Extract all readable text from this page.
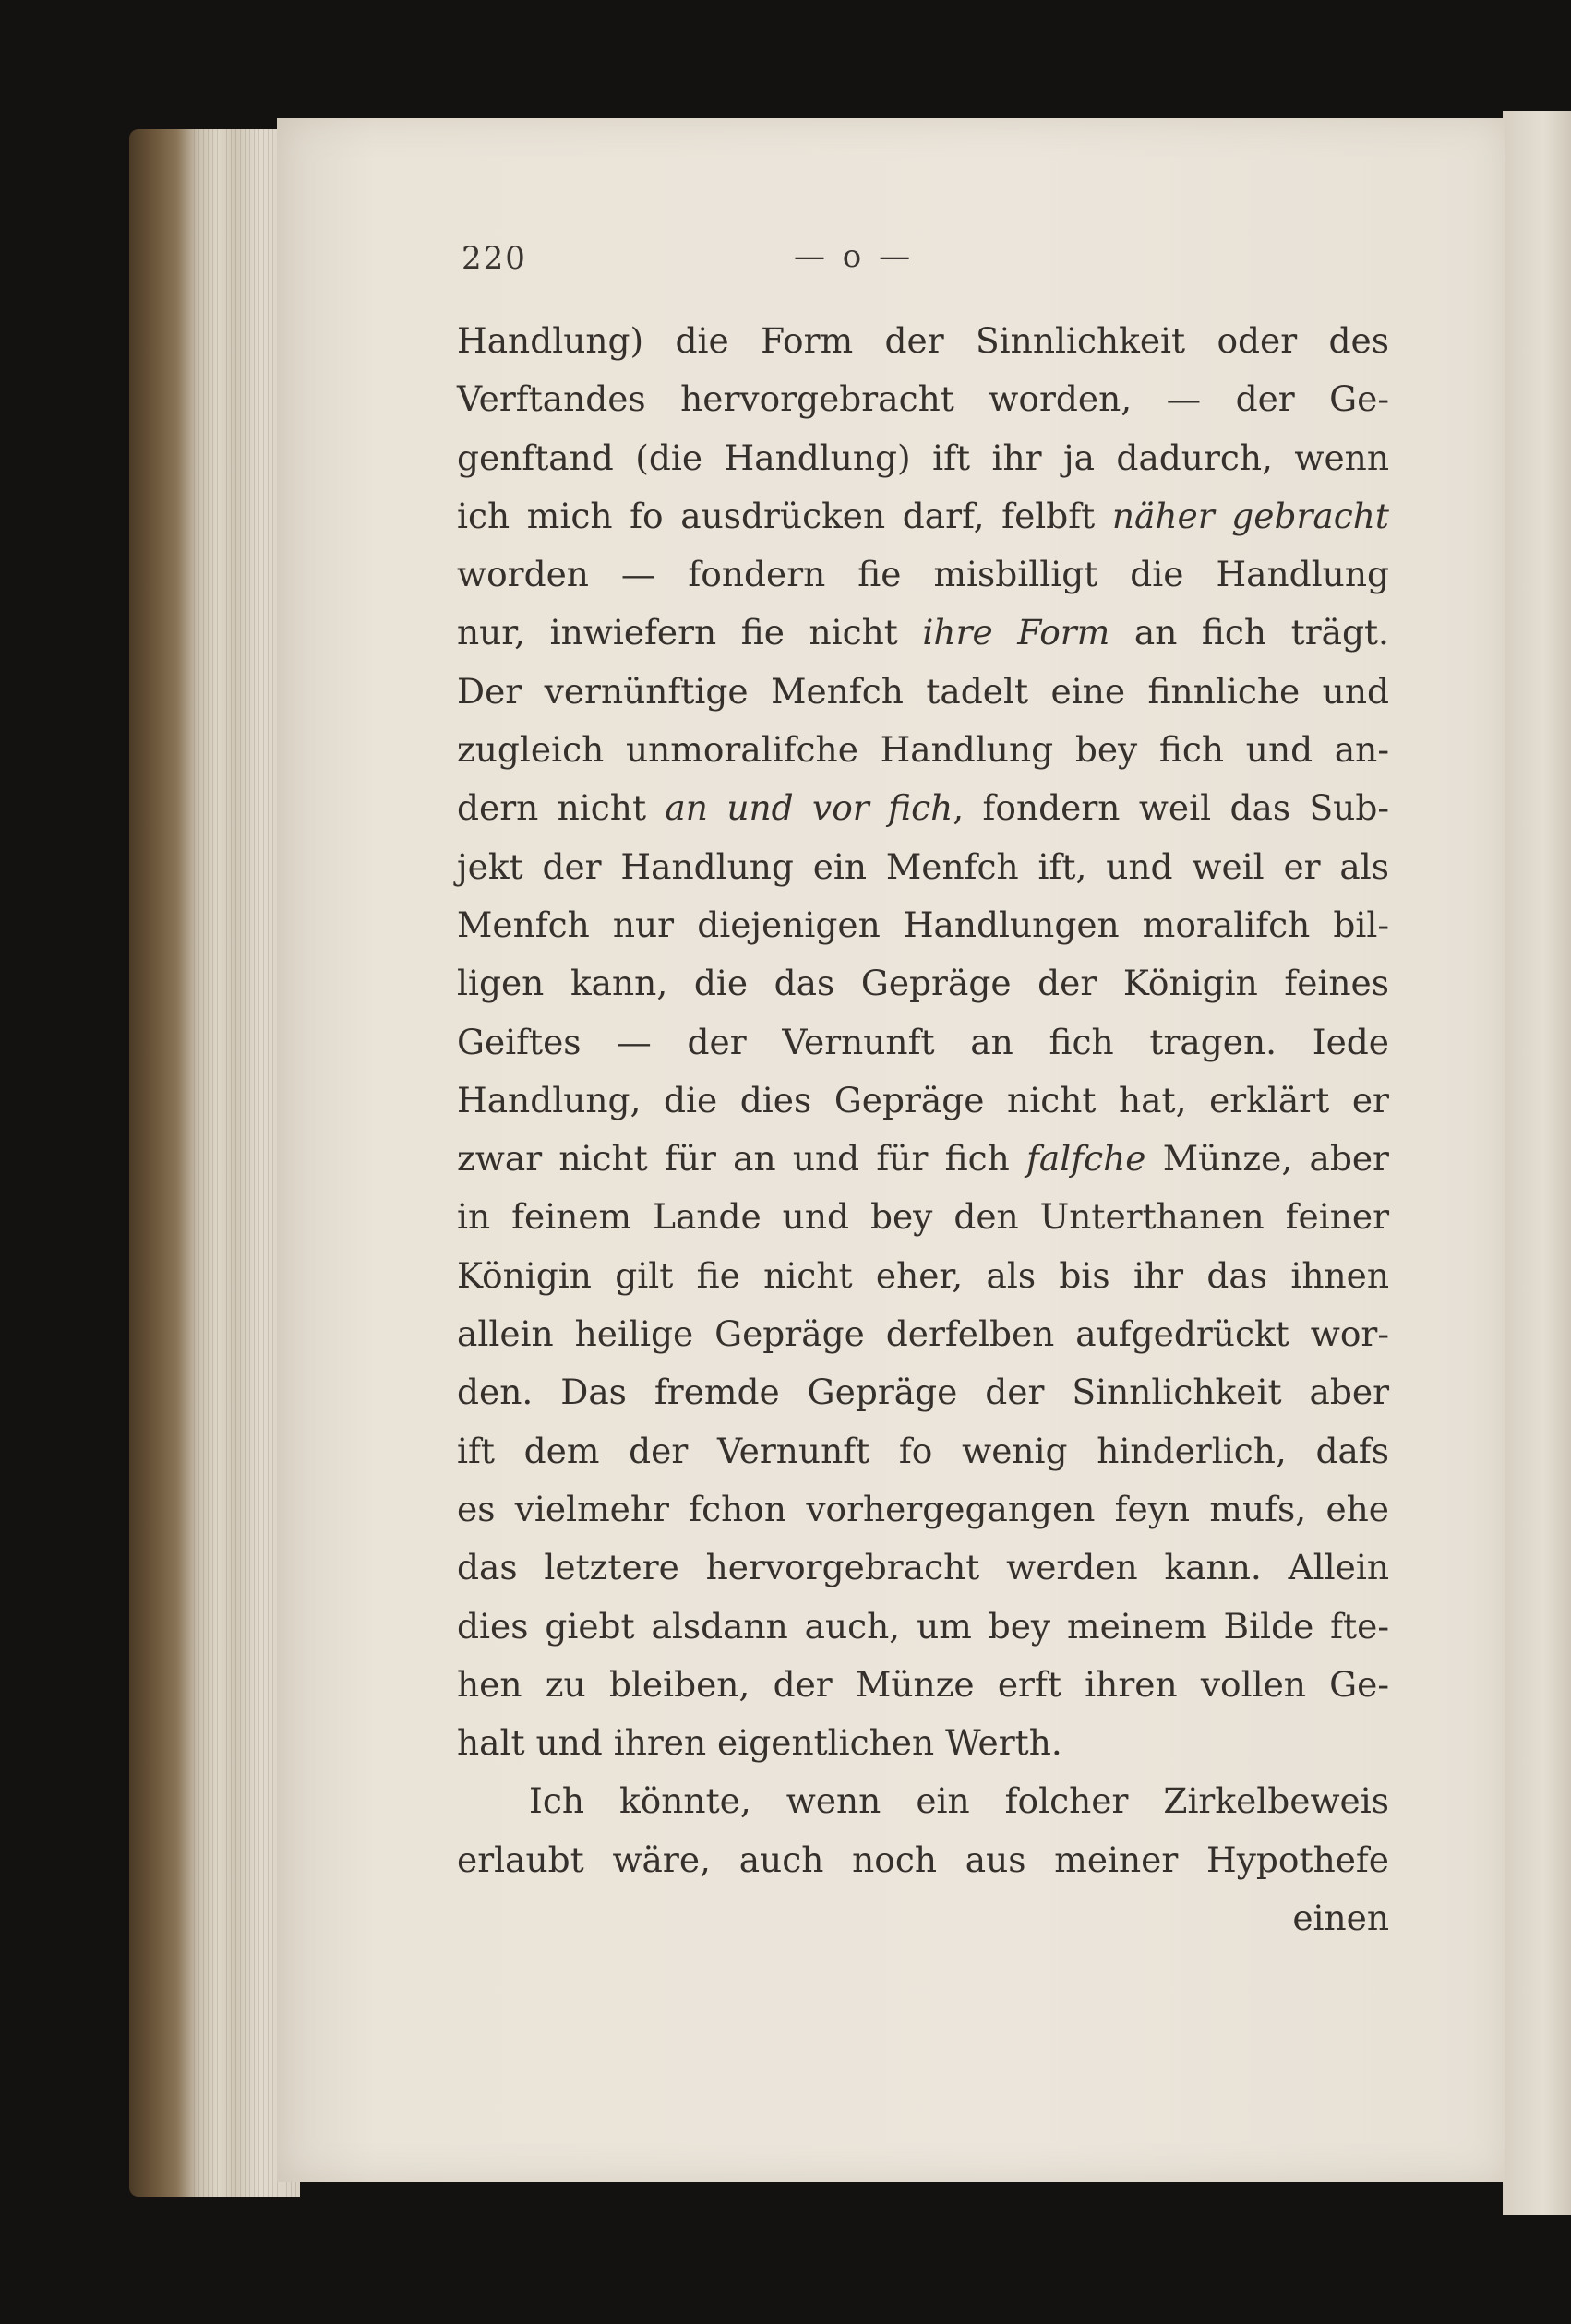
220	— o —
Handlung) die Form der Sinnlichkeit oder des
Verftandes hervorgebracht worden, — der Ge-
genftand (die Handlung) ift ihr ja dadurch, wenn
ich mich fo ausdrücken darf, felbft näher gebracht
worden — fondern fie misbilligt die Handlung
nur, inwiefern fie nicht ihre Form an fich trägt.
Der vernünftige Menfch tadelt eine finnliche und
zugleich unmoralifche Handlung bey fich und an-
dern nicht an und vor fich, fondern weil das Sub-
jekt der Handlung ein Menfch ift, und weil er als
Menfch nur diejenigen Handlungen moralifch bil-
ligen kann, die das Gepräge der Königin feines
Geiftes — der Vernunft an fich tragen. Iede
Handlung, die dies Gepräge nicht hat, erklärt er
zwar nicht für an und für fich falfche Münze, aber
in feinem Lande und bey den Unterthanen feiner
Königin gilt fie nicht eher, als bis ihr das ihnen
allein heilige Gepräge derfelben aufgedrückt wor-
den. Das fremde Gepräge der Sinnlichkeit aber
ift dem der Vernunft fo wenig hinderlich, dafs
es vielmehr fchon vorhergegangen feyn mufs, ehe
das letztere hervorgebracht werden kann. Allein
dies giebt alsdann auch, um bey meinem Bilde fte-
hen zu bleiben, der Münze erft ihren vollen Ge-
halt und ihren eigentlichen Werth.
Ich könnte, wenn ein folcher Zirkelbeweis
erlaubt wäre, auch noch aus meiner Hypothefe
einen
